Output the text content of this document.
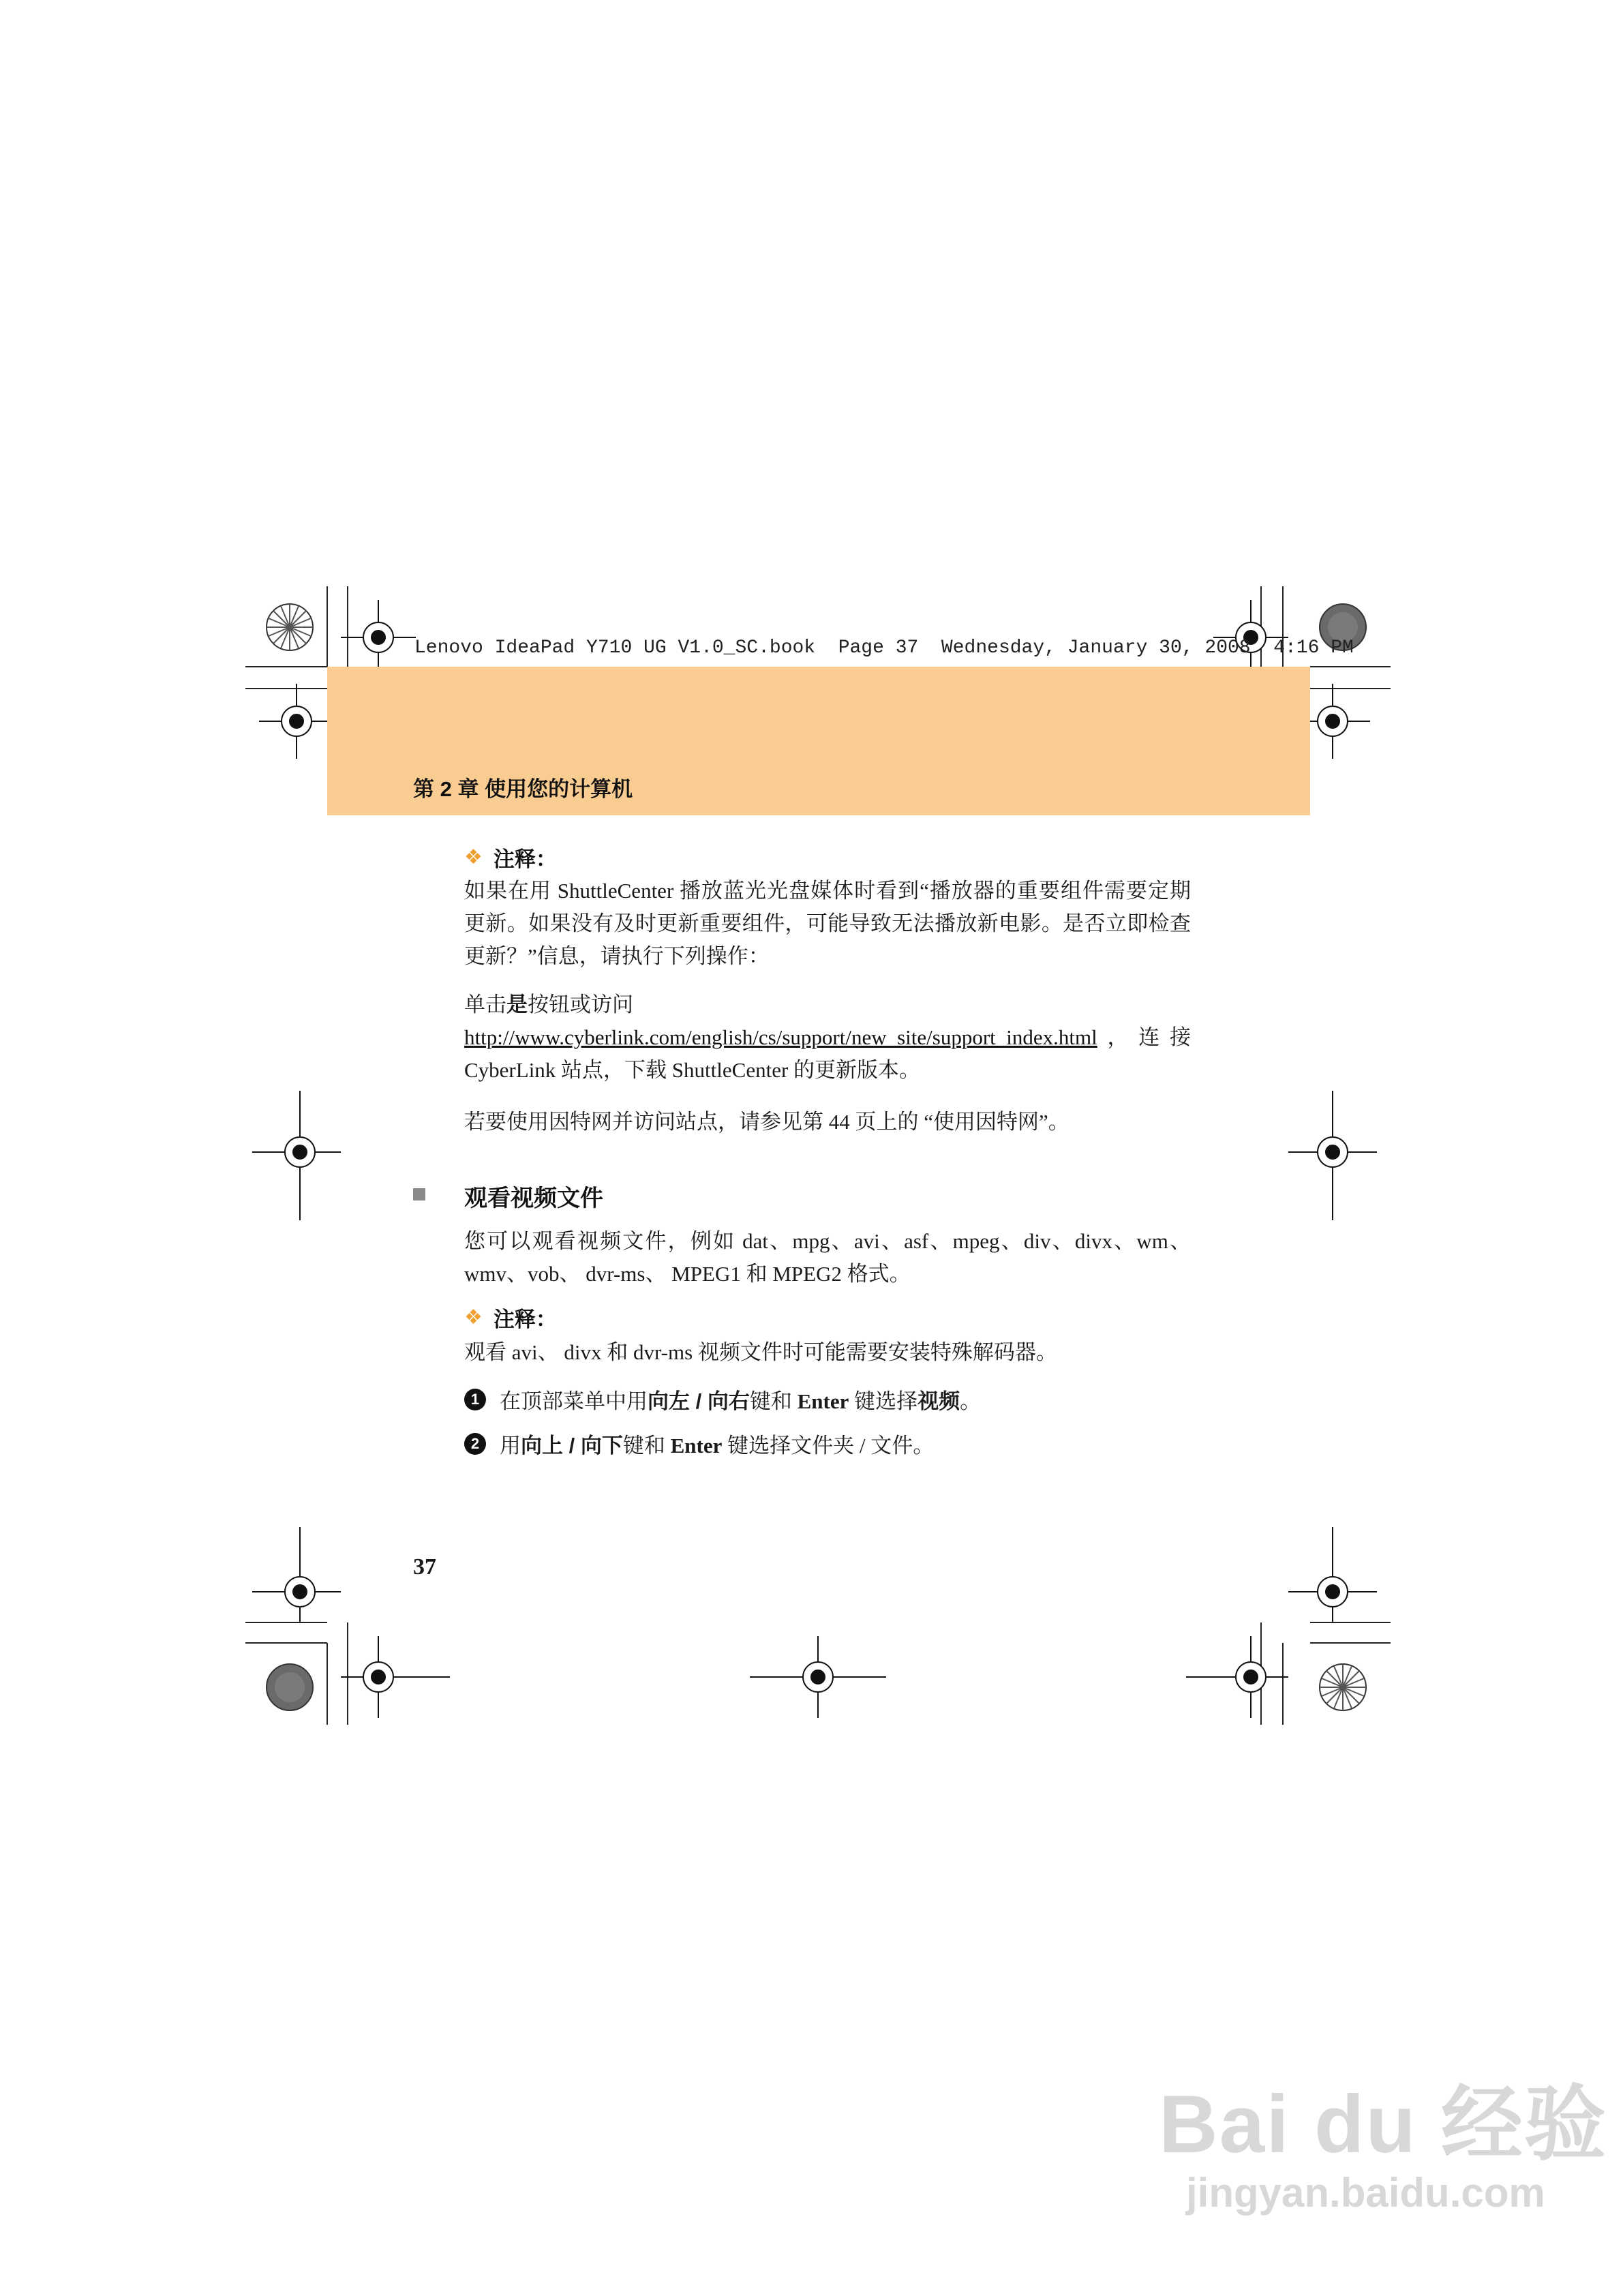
Lenovo IdeaPad Y710 UG V1.0_SC.book  Page 37  Wednesday, January 30, 2008  4:16 PM
第 2 章 使用您的计算机
❖ 注释：
如果在用 ShuttleCenter 播放蓝光光盘媒体时看到“播放器的重要组件需要定期更新。如果没有及时更新重要组件，可能导致无法播放新电影。是否立即检查更新？”信息，请执行下列操作：
单击是按钮或访问
http://www.cyberlink.com/english/cs/support/new_site/support_index.html，连接 CyberLink 站点，下载 ShuttleCenter 的更新版本。
若要使用因特网并访问站点，请参见第 44 页上的 “使用因特网”。
观看视频文件
您可以观看视频文件，例如 dat、mpg、avi、asf、mpeg、div、divx、wm、wmv、vob、 dvr-ms、 MPEG1 和 MPEG2 格式。
❖ 注释：
观看 avi、 divx 和 dvr-ms 视频文件时可能需要安装特殊解码器。
1 在顶部菜单中用向左 / 向右键和 Enter 键选择视频。
2 用向上 / 向下键和 Enter 键选择文件夹 / 文件。
37
Bai du 经验
jingyan.baidu.com
